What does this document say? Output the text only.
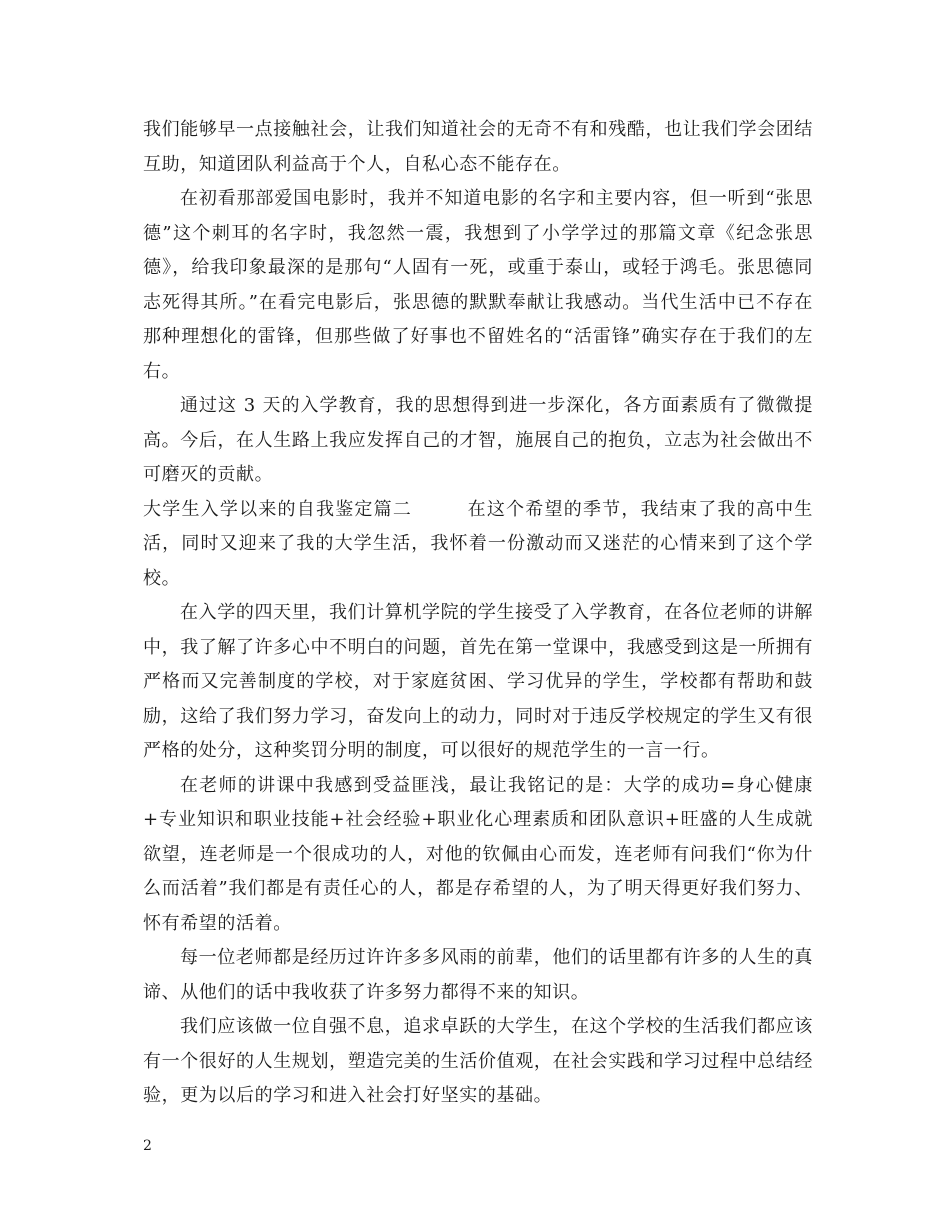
我们能够早一点接触社会，让我们知道社会的无奇不有和残酷，也让我们学会团结互助，知道团队利益高于个人，自私心态不能存在。

在初看那部爱国电影时，我并不知道电影的名字和主要内容，但一听到“张思德”这个刺耳的名字时，我忽然一震，我想到了小学学过的那篇文章《纪念张思德》，给我印象最深的是那句“人固有一死，或重于泰山，或轻于鸿毛。张思德同志死得其所。”在看完电影后，张思德的默默奉献让我感动。当代生活中已不存在那种理想化的雷锋，但那些做了好事也不留姓名的“活雷锋”确实存在于我们的左右。

通过这 3 天的入学教育，我的思想得到进一步深化，各方面素质有了微微提高。今后，在人生路上我应发挥自己的才智，施展自己的抱负，立志为社会做出不可磨灭的贡献。

大学生入学以来的自我鉴定篇二	在这个希望的季节，我结束了我的高中生活，同时又迎来了我的大学生活，我怀着一份激动而又迷茫的心情来到了这个学校。

在入学的四天里，我们计算机学院的学生接受了入学教育，在各位老师的讲解中，我了解了许多心中不明白的问题，首先在第一堂课中，我感受到这是一所拥有严格而又完善制度的学校，对于家庭贫困、学习优异的学生，学校都有帮助和鼓励，这给了我们努力学习，奋发向上的动力，同时对于违反学校规定的学生又有很严格的处分，这种奖罚分明的制度，可以很好的规范学生的一言一行。

在老师的讲课中我感到受益匪浅，最让我铭记的是：大学的成功=身心健康+专业知识和职业技能+社会经验+职业化心理素质和团队意识+旺盛的人生成就欲望，连老师是一个很成功的人，对他的钦佩由心而发，连老师有问我们“你为什么而活着”我们都是有责任心的人，都是存希望的人，为了明天得更好我们努力、怀有希望的活着。

每一位老师都是经历过许许多多风雨的前辈，他们的话里都有许多的人生的真谛、从他们的话中我收获了许多努力都得不来的知识。

我们应该做一位自强不息，追求卓跃的大学生，在这个学校的生活我们都应该有一个很好的人生规划，塑造完美的生活价值观，在社会实践和学习过程中总结经验，更为以后的学习和进入社会打好坚实的基础。

2
